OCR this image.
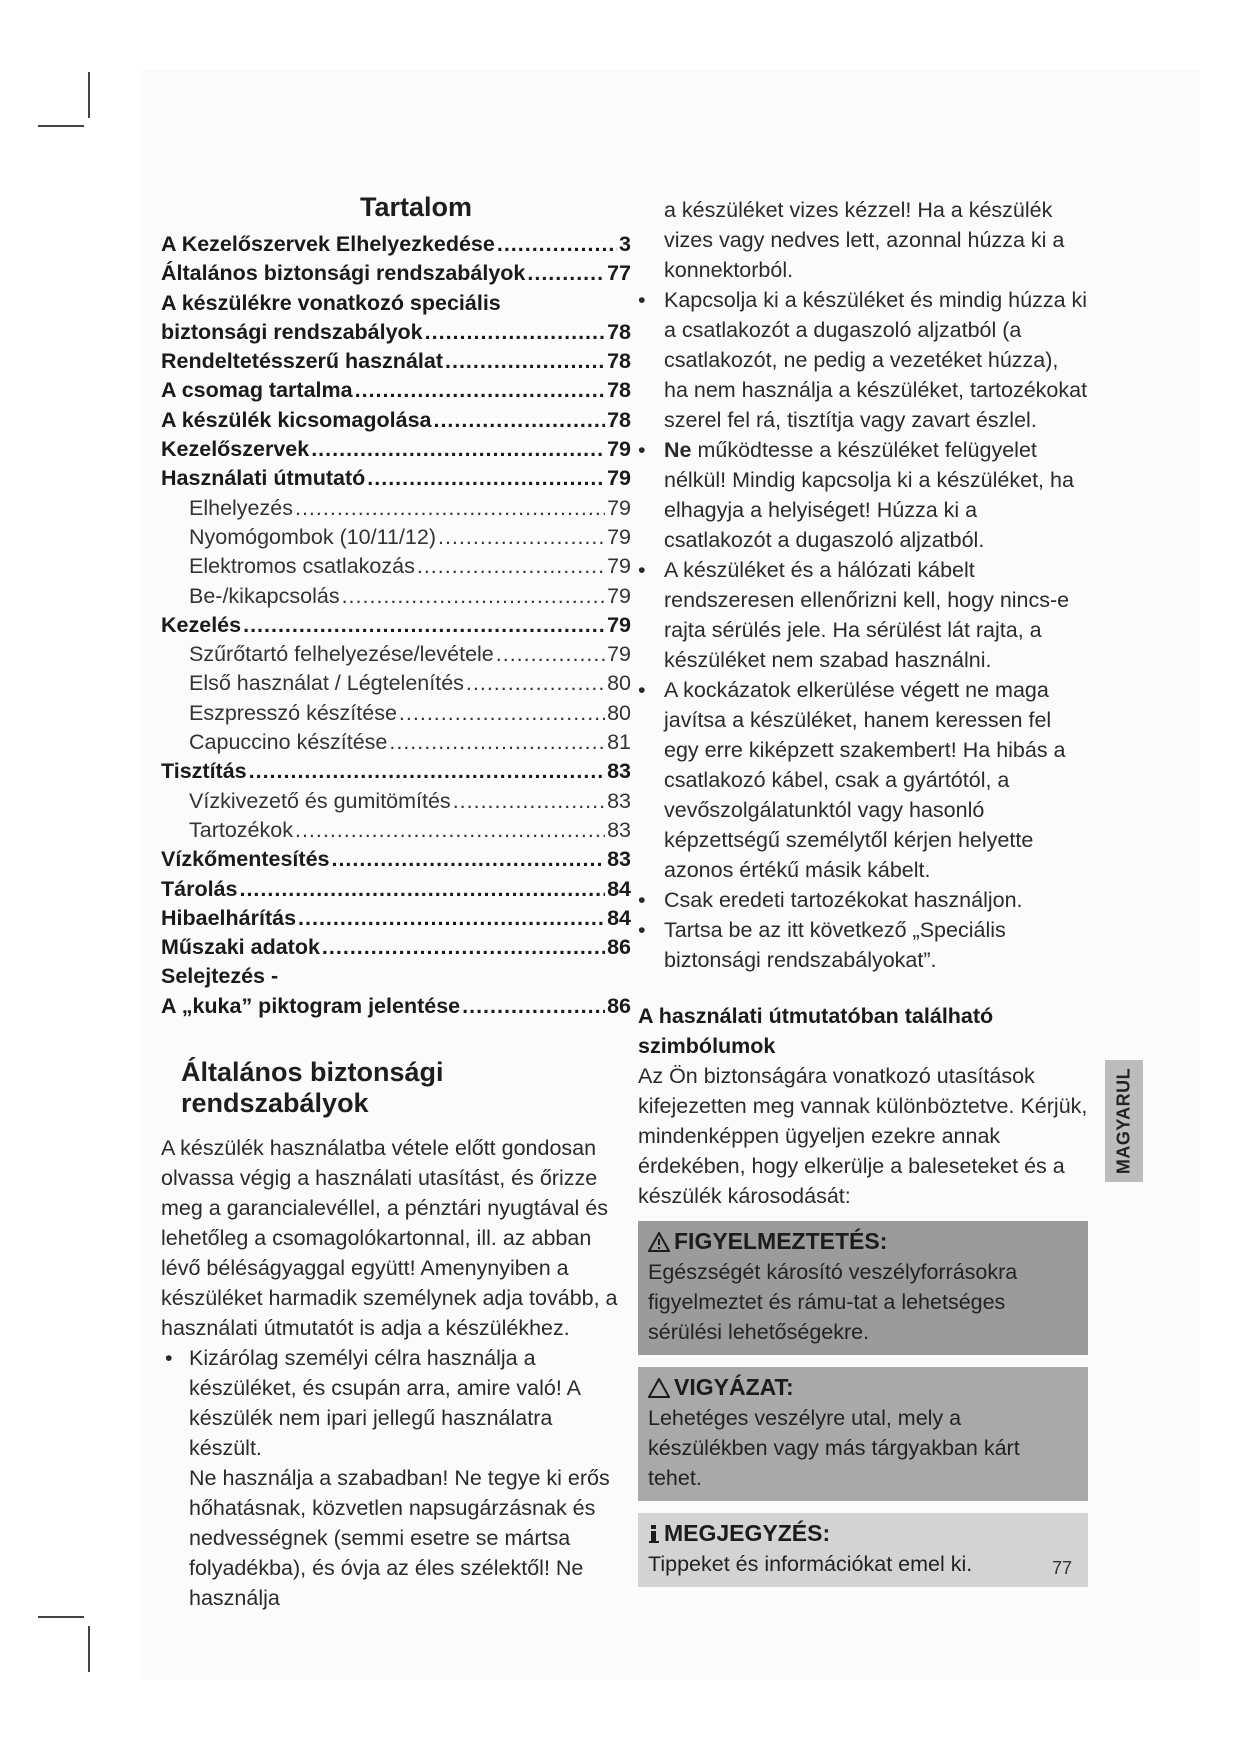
Tartalom
A Kezelőszervek Elhelyezkedése .....	3
Általános biztonsági rendszabályok .....	77
A készülékre vonatkozó speciális
biztonsági rendszabályok .....	78
Rendeltetésszerű használat .....	78
A csomag tartalma .....	78
A készülék kicsomagolása .....	78
Kezelőszervek .....	79
Használati útmutató .....	79
Elhelyezés .....	79
Nyomógombok (10/11/12) .....	79
Elektromos csatlakozás .....	79
Be-/kikapcsolás .....	79
Kezelés .....	79
Szűrőtartó felhelyezése/levétele .....	79
Első használat / Légtelenítés .....	80
Eszpresszó készítése .....	80
Capuccino készítése .....	81
Tisztítás .....	83
Vízkivezető és gumitömítés .....	83
Tartozékok .....	83
Vízkőmentesítés .....	83
Tárolás .....	84
Hibaelhárítás .....	84
Műszaki adatok .....	86
Selejtezés -
A „kuka” piktogram jelentése .....	86
Általános biztonsági rendszabályok
A készülék használatba vétele előtt gondosan olvassa végig a használati utasítást, és őrizze meg a garancialevéllel, a pénztári nyugtával és lehetőleg a csomagolókartonnal, ill. az abban lévő béléságyaggal együtt! Amenynyiben a készüléket harmadik személynek adja tovább, a használati útmutatót is adja a készülékhez.
• Kizárólag személyi célra használja a készüléket, és csupán arra, amire való! A készülék nem ipari jellegű használatra készült.
Ne használja a szabadban! Ne tegye ki erős hőhatásnak, közvetlen napsugárzásnak és nedvességnek (semmi esetre se mártsa folyadékba), és óvja az éles szélektől! Ne használja
a készüléket vizes kézzel! Ha a készülék vizes vagy nedves lett, azonnal húzza ki a konnektorból.
• Kapcsolja ki a készüléket és mindig húzza ki a csatlakozót a dugaszoló aljzatból (a csatlakozót, ne pedig a vezetéket húzza), ha nem használja a készüléket, tartozékokat szerel fel rá, tisztítja vagy zavart észlel.
• Ne működtesse a készüléket felügyelet nélkül! Mindig kapcsolja ki a készüléket, ha elhagyja a helyiséget! Húzza ki a csatlakozót a dugaszoló aljzatból.
• A készüléket és a hálózati kábelt rendszeresen ellenőrizni kell, hogy nincs-e rajta sérülés jele. Ha sérülést lát rajta, a készüléket nem szabad használni.
• A kockázatok elkerülése végett ne maga javítsa a készüléket, hanem keressen fel egy erre kiképzett szakembert! Ha hibás a csatlakozó kábel, csak a gyártótól, a vevőszolgálatunktól vagy hasonló képzettségű személytől kérjen helyette azonos értékű másik kábelt.
• Csak eredeti tartozékokat használjon.
• Tartsa be az itt következő „Speciális biztonsági rendszabályokat”.
A használati útmutatóban található szimbólumok
Az Ön biztonságára vonatkozó utasítások kifejezetten meg vannak különböztetve. Kérjük, mindenképpen ügyeljen ezekre annak érdekében, hogy elkerülje a baleseteket és a készülék károsodását:
FIGYELMEZTETÉS:
Egészségét károsító veszélyforrásokra figyelmeztet és rámu-tat a lehetséges sérülési lehetőségekre.
VIGYÁZAT:
Lehetéges veszélyre utal, mely a készülékben vagy más tárgyakban kárt tehet.
MEGJEGYZÉS:
Tippeket és információkat emel ki.
MAGYARUL
77
